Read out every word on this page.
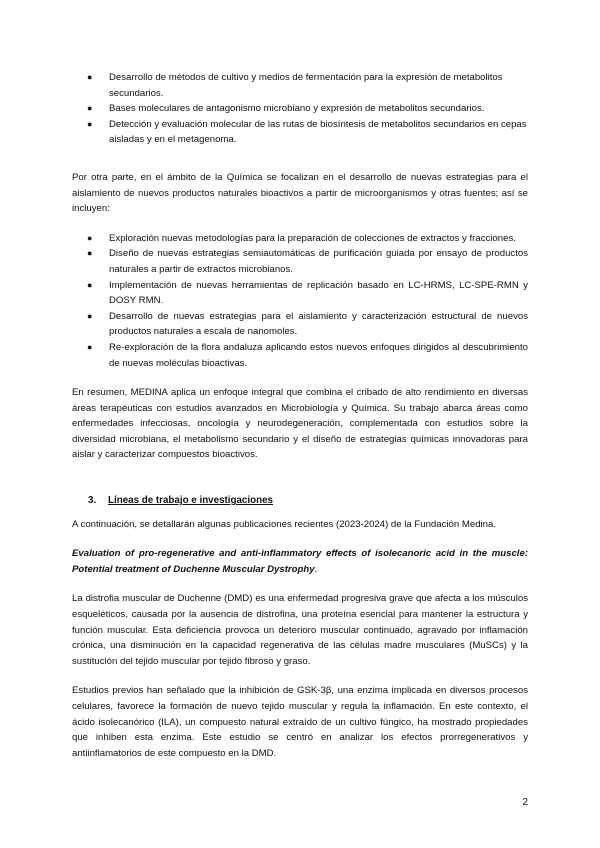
● Desarrollo de métodos de cultivo y medios de fermentación para la expresión de metabolitos secundarios.
● Bases moleculares de antagonismo microbiano y expresión de metabolitos secundarios.
● Detección y evaluación molecular de las rutas de biosíntesis de metabolitos secundarios en cepas aisladas y en el metagenoma.

Por otra parte, en el ámbito de la Química se focalizan en el desarrollo de nuevas estrategias para el aislamiento de nuevos productos naturales bioactivos a partir de microorganismos y otras fuentes; así se incluyen:

● Exploración nuevas metodologías para la preparación de colecciones de extractos y fracciones.
● Diseño de nuevas estrategias semiautomáticas de purificación guiada por ensayo de productos naturales a partir de extractos microbianos.
● Implementación de nuevas herramientas de replicación basado en LC-HRMS, LC-SPE-RMN y DOSY RMN.
● Desarrollo de nuevas estrategias para el aislamiento y caracterización estructural de nuevos productos naturales a escala de nanomoles.
● Re-exploración de la flora andaluza aplicando estos nuevos enfoques dirigidos al descubrimiento de nuevas moléculas bioactivas.

En resumen, MEDINA aplica un enfoque integral que combina el cribado de alto rendimiento en diversas áreas terapéuticas con estudios avanzados en Microbiología y Química. Su trabajo abarca áreas como enfermedades infecciosas, oncología y neurodegeneración, complementada con estudios sobre la diversidad microbiana, el metabolismo secundario y el diseño de estrategias químicas innovadoras para aislar y caracterizar compuestos bioactivos.

3. Líneas de trabajo e investigaciones

A continuación, se detallarán algunas publicaciones recientes (2023-2024) de la Fundación Medina.

Evaluation of pro-regenerative and anti-inflammatory effects of isolecanoric acid in the muscle: Potential treatment of Duchenne Muscular Dystrophy.

La distrofia muscular de Duchenne (DMD) es una enfermedad progresiva grave que afecta a los músculos esqueléticos, causada por la ausencia de distrofina, una proteína esencial para mantener la estructura y función muscular. Esta deficiencia provoca un deterioro muscular continuado, agravado por inflamación crónica, una disminución en la capacidad regenerativa de las células madre musculares (MuSCs) y la sustitución del tejido muscular por tejido fibroso y graso.

Estudios previos han señalado que la inhibición de GSK-3β, una enzima implicada en diversos procesos celulares, favorece la formación de nuevo tejido muscular y regula la inflamación. En este contexto, el ácido isolecanórico (ILA), un compuesto natural extraído de un cultivo fúngico, ha mostrado propiedades que inhiben esta enzima. Este estudio se centró en analizar los efectos prorregenerativos y antiinflamatorios de este compuesto en la DMD.

2
